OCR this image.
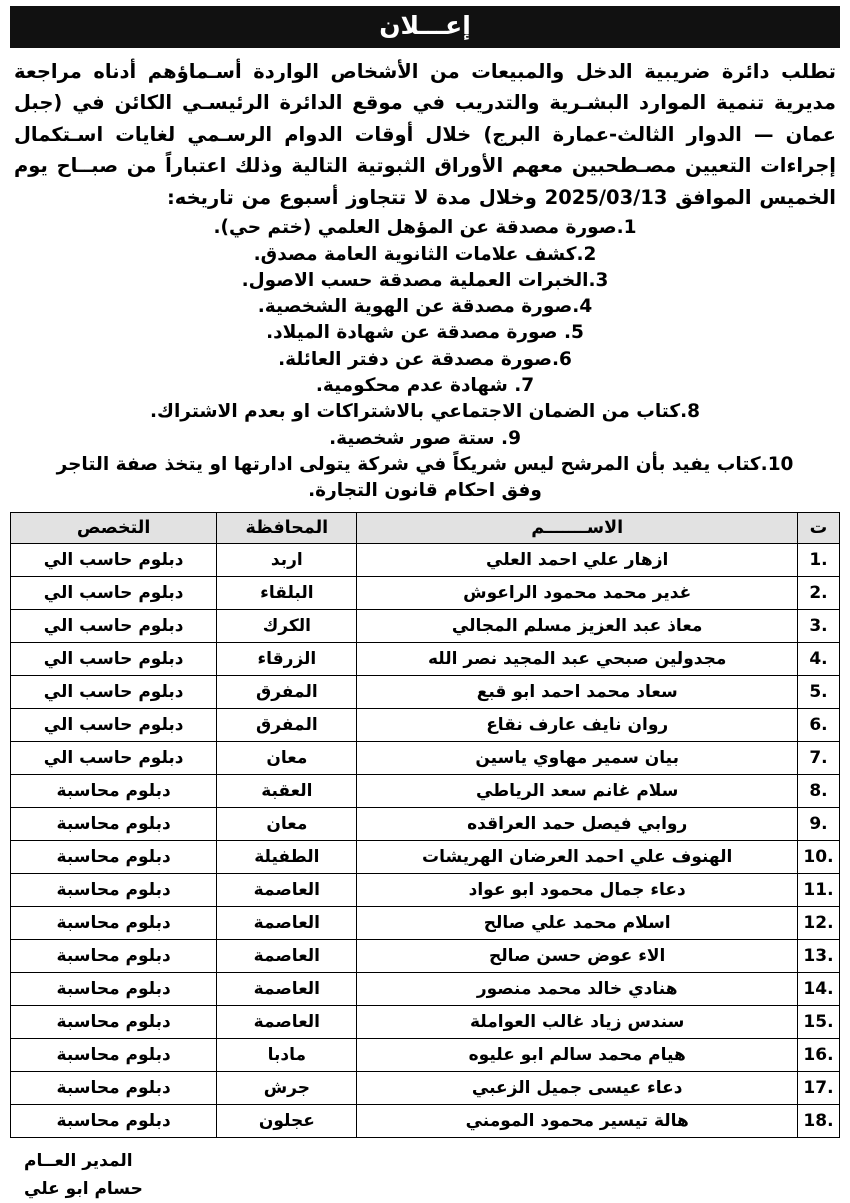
إعـــلان
تطلب دائرة ضريبية الدخل والمبيعات من الأشخاص الواردة أسـماؤهم أدناه مراجعة مديرية تنمية الموارد البشـرية والتدريب في موقع الدائرة الرئيسـي الكائن في (جبل عمان — الدوار الثالث-عمارة البرج) خلال أوقات الدوام الرسـمي لغايات اسـتكمال إجراءات التعيين مصـطحبين معهم الأوراق الثبوتية التالية وذلك اعتباراً من صبــاح يوم الخميس الموافق 2025/03/13 وخلال مدة لا تتجاوز أسبوع من تاريخه:
1.صورة مصدقة عن المؤهل العلمي (ختم حي).
2.كشف علامات الثانوية العامة مصدق.
3.الخبرات العملية مصدقة حسب الاصول.
4.صورة مصدقة عن الهوية الشخصية.
5. صورة مصدقة عن شهادة الميلاد.
6.صورة مصدقة عن دفتر العائلة.
7. شهادة عدم محكومية.
8.كتاب من الضمان الاجتماعي بالاشتراكات او بعدم الاشتراك.
9. ستة صور شخصية.
10.كتاب يفيد بأن المرشح ليس شريكاً في شركة يتولى ادارتها او يتخذ صفة التاجر
وفق احكام قانون التجارة.
ت	الاســـــــم	المحافظة	التخصص
.1	ازهار علي احمد العلي	اربد	دبلوم حاسب الي
.2	غدير محمد محمود الراعوش	البلقاء	دبلوم حاسب الي
.3	معاذ عبد العزيز مسلم المجالي	الكرك	دبلوم حاسب الي
.4	مجدولين صبحي عبد المجيد نصر الله	الزرقاء	دبلوم حاسب الي
.5	سعاد محمد احمد ابو قبع	المفرق	دبلوم حاسب الي
.6	روان نايف عارف نقاع	المفرق	دبلوم حاسب الي
.7	بيان سمير مهاوي ياسين	معان	دبلوم حاسب الي
.8	سلام غانم سعد الرياطي	العقبة	دبلوم محاسبة
.9	روابي فيصل حمد العراقده	معان	دبلوم محاسبة
.10	الهنوف علي احمد العرضان الهريشات	الطفيلة	دبلوم محاسبة
.11	دعاء جمال محمود ابو عواد	العاصمة	دبلوم محاسبة
.12	اسلام محمد علي صالح	العاصمة	دبلوم محاسبة
.13	الاء عوض حسن صالح	العاصمة	دبلوم محاسبة
.14	هنادي خالد محمد منصور	العاصمة	دبلوم محاسبة
.15	سندس زياد غالب العواملة	العاصمة	دبلوم محاسبة
.16	هيام محمد سالم ابو عليوه	مادبا	دبلوم محاسبة
.17	دعاء عيسى جميل الزعبي	جرش	دبلوم محاسبة
.18	هالة تيسير محمود المومني	عجلون	دبلوم محاسبة
المدير العــام
حسام ابو علي
